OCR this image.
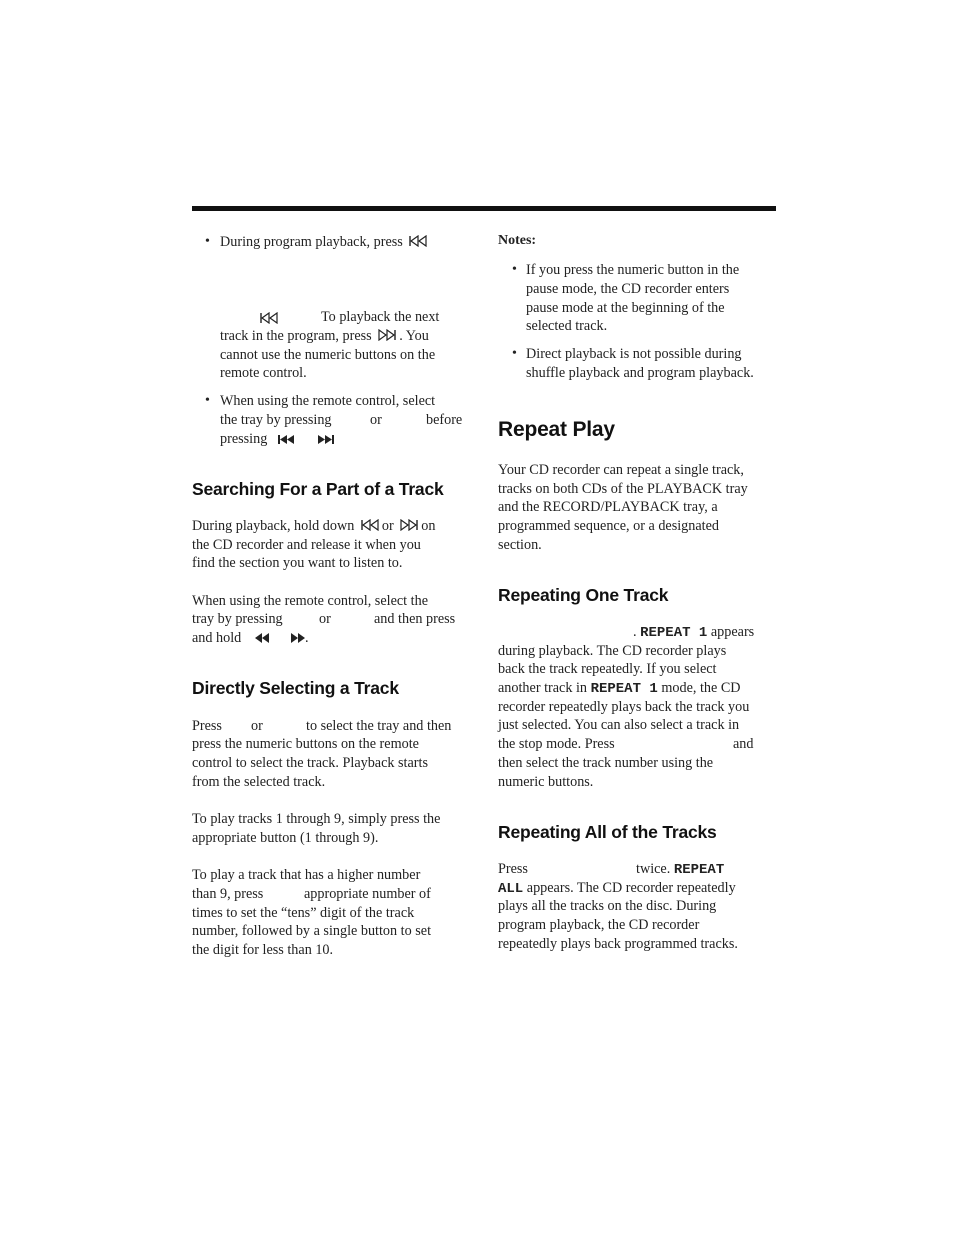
• During program playback, press
To playback the next
track in the program, press . You
cannot use the numeric buttons on the
remote control.
• When using the remote control, select
the tray by pressing	or	before
pressing
Searching For a Part of a Track
During playback, hold down or on
the CD recorder and release it when you
find the section you want to listen to.
When using the remote control, select the
tray by pressing	or	and then press
and hold	.
Directly Selecting a Track
Press or	to select the tray and then
press the numeric buttons on the remote
control to select the track. Playback starts
from the selected track.
To play tracks 1 through 9, simply press the
appropriate button (1 through 9).
To play a track that has a higher number
than 9, press	appropriate number of
times to set the “tens” digit of the track
number, followed by a single button to set
the digit for less than 10.
Notes:
• If you press the numeric button in the
pause mode, the CD recorder enters
pause mode at the beginning of the
selected track.
• Direct playback is not possible during
shuffle playback and program playback.
Repeat Play
Your CD recorder can repeat a single track,
tracks on both CDs of the PLAYBACK tray
and the RECORD/PLAYBACK tray, a
programmed sequence, or a designated
section.
Repeating One Track
. REPEAT 1 appears
during playback. The CD recorder plays
back the track repeatedly. If you select
another track in REPEAT 1 mode, the CD
recorder repeatedly plays back the track you
just selected. You can also select a track in
the stop mode. Press	and
then select the track number using the
numeric buttons.
Repeating All of the Tracks
Press	twice. REPEAT
ALL appears. The CD recorder repeatedly
plays all the tracks on the disc. During
program playback, the CD recorder
repeatedly plays back programmed tracks.
